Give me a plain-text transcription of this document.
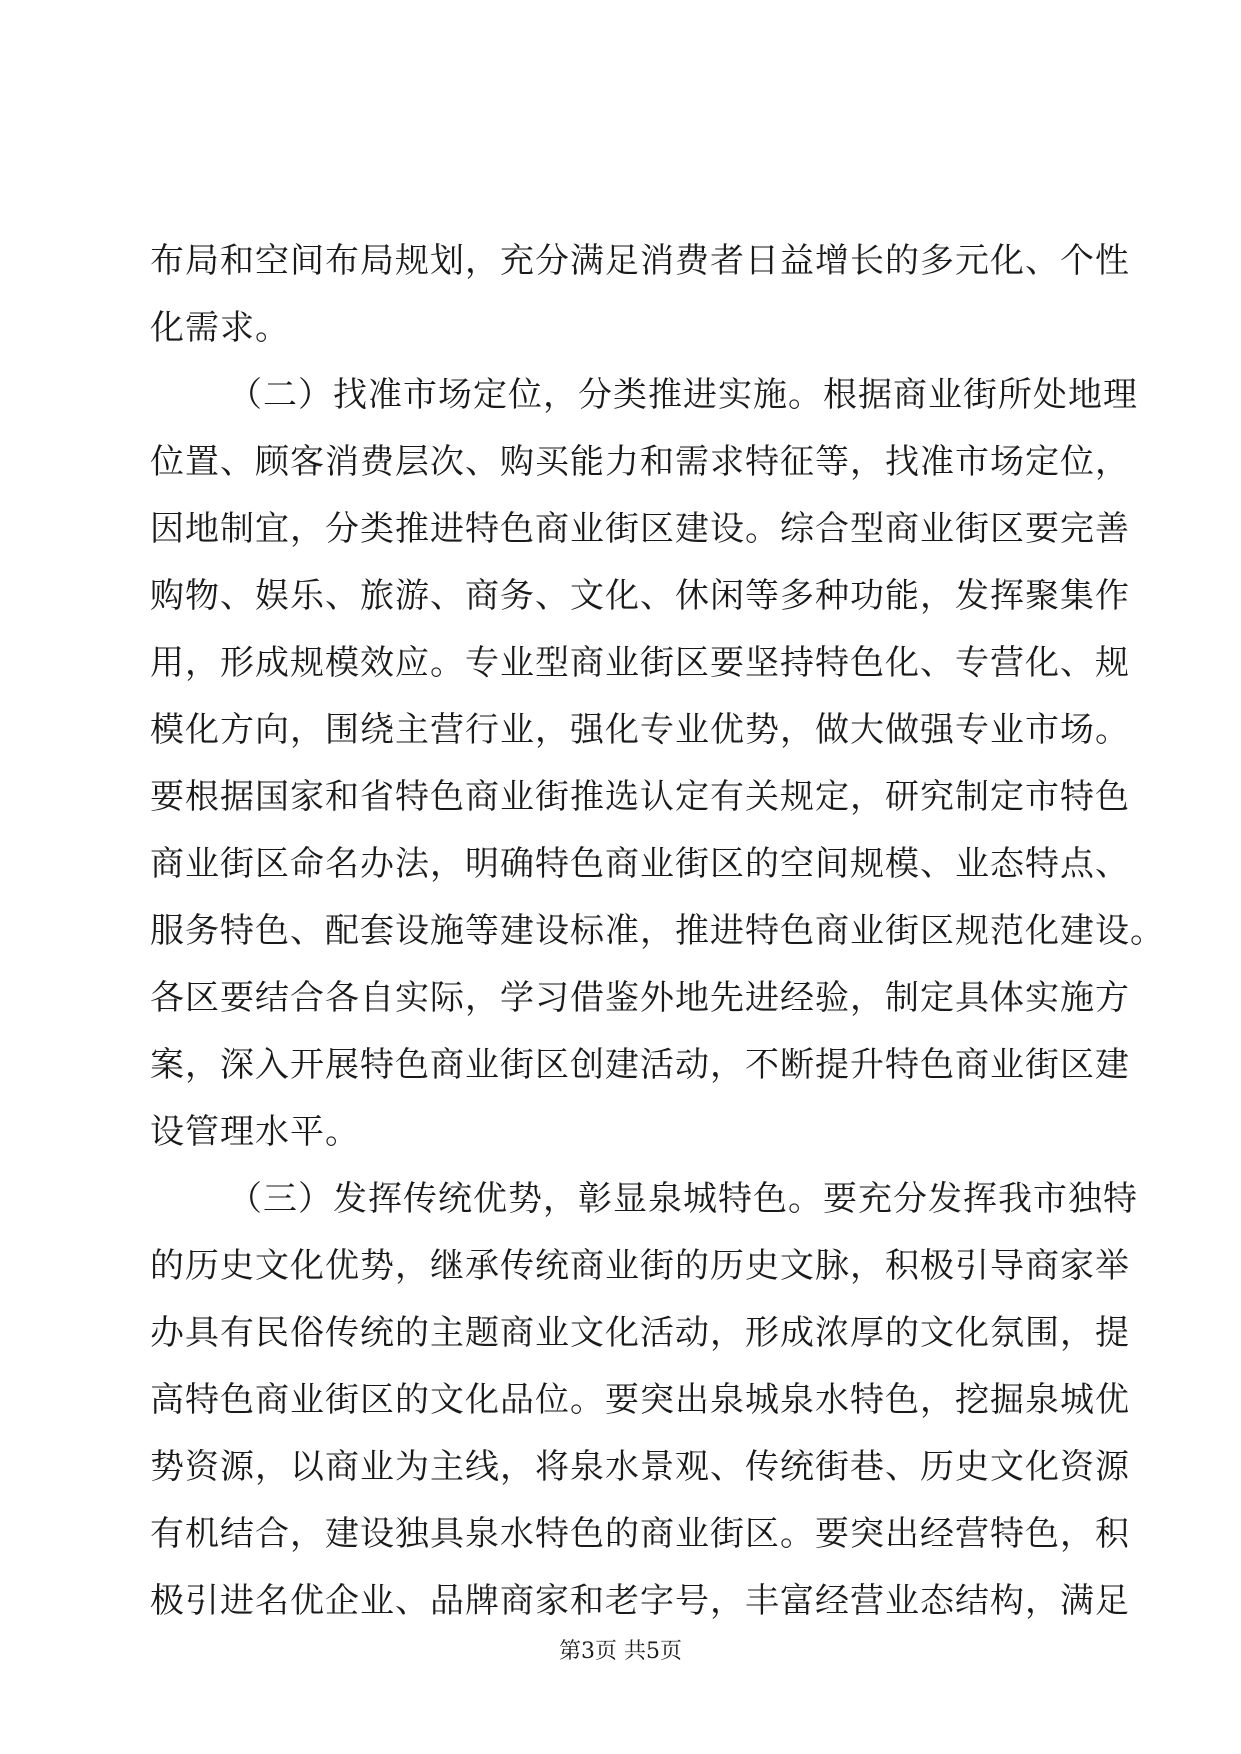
布局和空间布局规划，充分满足消费者日益增长的多元化、个性
化需求。
（二）找准市场定位，分类推进实施。根据商业街所处地理
位置、顾客消费层次、购买能力和需求特征等，找准市场定位，
因地制宜，分类推进特色商业街区建设。综合型商业街区要完善
购物、娱乐、旅游、商务、文化、休闲等多种功能，发挥聚集作
用，形成规模效应。专业型商业街区要坚持特色化、专营化、规
模化方向，围绕主营行业，强化专业优势，做大做强专业市场。
要根据国家和省特色商业街推选认定有关规定，研究制定市特色
商业街区命名办法，明确特色商业街区的空间规模、业态特点、
服务特色、配套设施等建设标准，推进特色商业街区规范化建设。
各区要结合各自实际，学习借鉴外地先进经验，制定具体实施方
案，深入开展特色商业街区创建活动，不断提升特色商业街区建
设管理水平。
（三）发挥传统优势，彰显泉城特色。要充分发挥我市独特
的历史文化优势，继承传统商业街的历史文脉，积极引导商家举
办具有民俗传统的主题商业文化活动，形成浓厚的文化氛围，提
高特色商业街区的文化品位。要突出泉城泉水特色，挖掘泉城优
势资源，以商业为主线，将泉水景观、传统街巷、历史文化资源
有机结合，建设独具泉水特色的商业街区。要突出经营特色，积
极引进名优企业、品牌商家和老字号，丰富经营业态结构，满足
第3页 共5页
